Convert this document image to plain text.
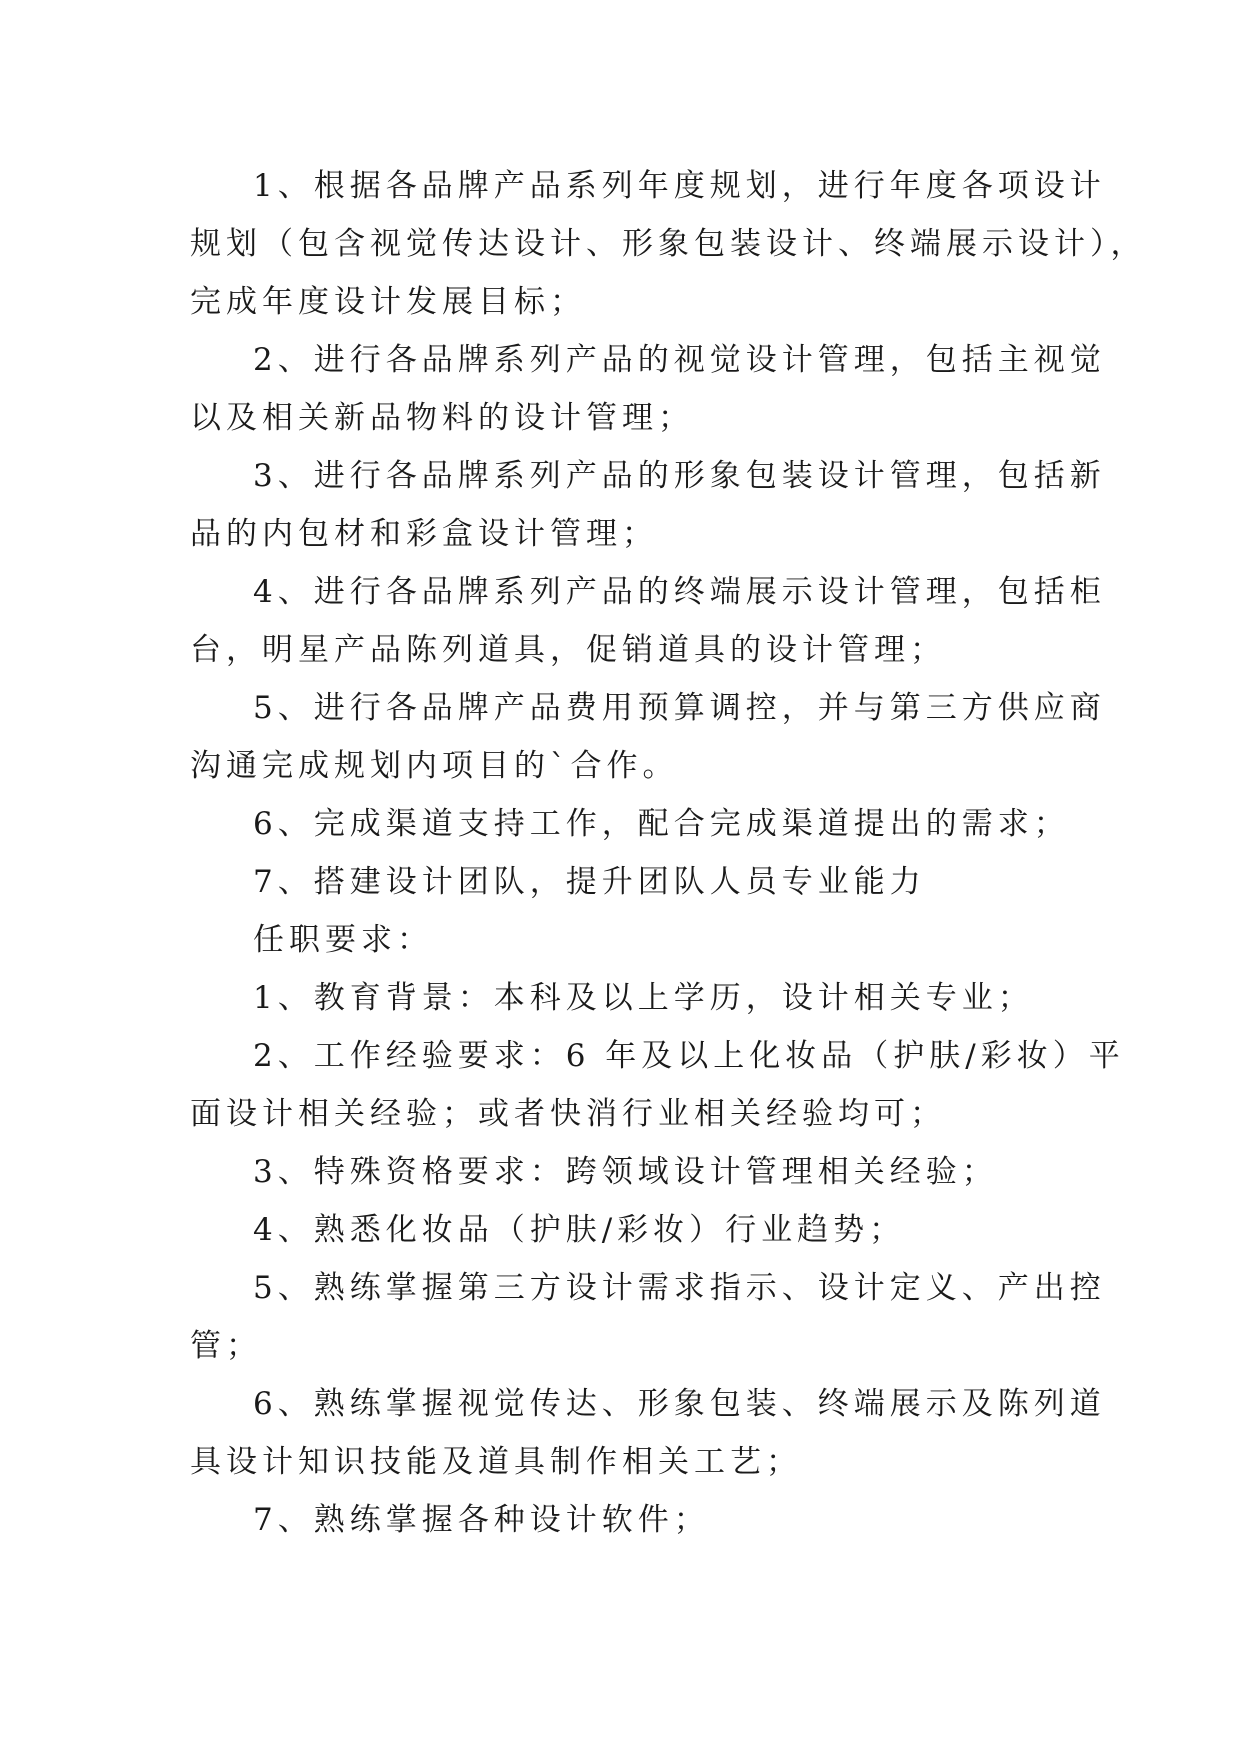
1、根据各品牌产品系列年度规划，进行年度各项设计
规划（包含视觉传达设计、形象包装设计、终端展示设计），
完成年度设计发展目标；
2、进行各品牌系列产品的视觉设计管理，包括主视觉
以及相关新品物料的设计管理；
3、进行各品牌系列产品的形象包装设计管理，包括新
品的内包材和彩盒设计管理；
4、进行各品牌系列产品的终端展示设计管理，包括柜
台，明星产品陈列道具，促销道具的设计管理；
5、进行各品牌产品费用预算调控，并与第三方供应商
沟通完成规划内项目的`合作。
6、完成渠道支持工作，配合完成渠道提出的需求；
7、搭建设计团队，提升团队人员专业能力
任职要求：
1、教育背景：本科及以上学历，设计相关专业；
2、工作经验要求：6 年及以上化妆品（护肤/彩妆）平
面设计相关经验；或者快消行业相关经验均可；
3、特殊资格要求：跨领域设计管理相关经验；
4、熟悉化妆品（护肤/彩妆）行业趋势；
5、熟练掌握第三方设计需求指示、设计定义、产出控
管；
6、熟练掌握视觉传达、形象包装、终端展示及陈列道
具设计知识技能及道具制作相关工艺；
7、熟练掌握各种设计软件；
